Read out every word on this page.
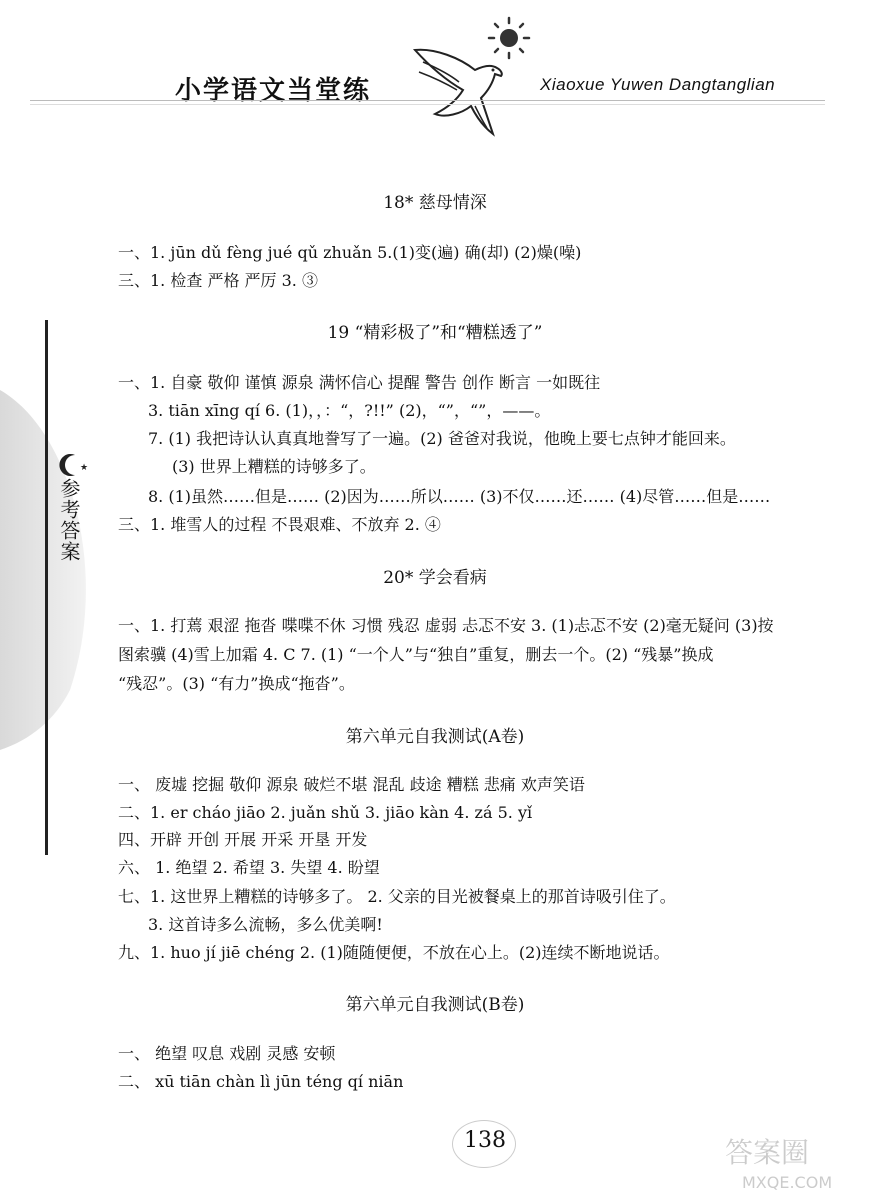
小学语文当堂练	Xiaoxue Yuwen Dangtanglian
★
参考答案
18* 慈母情深
一、1. jūn dǔ fèng jué qǔ zhuǎn 5.(1)变(遍) 确(却) (2)燥(噪)
三、1. 检查 严格 严厉 3. ③
19 “精彩极了”和“糟糕透了”
一、1. 自豪 敬仰 谨慎 源泉 满怀信心 提醒 警告 创作 断言 一如既往
3. tiān xīng qí 6. (1)，，：“，?!!” (2)，“”，“”，——。
7. (1) 我把诗认认真真地誊写了一遍。(2) 爸爸对我说，他晚上要七点钟才能回来。
(3) 世界上糟糕的诗够多了。
8. (1)虽然……但是…… (2)因为……所以…… (3)不仅……还…… (4)尽管……但是……
三、1. 堆雪人的过程 不畏艰难、不放弃 2. ④
20* 学会看病
一、1. 打蔫 艰涩 拖沓 喋喋不休 习惯 残忍 虚弱 忐忑不安 3. (1)忐忑不安 (2)毫无疑问 (3)按
图索骥 (4)雪上加霜 4. C 7. (1) “一个人”与“独自”重复，删去一个。(2) “残暴”换成
“残忍”。(3) “有力”换成“拖沓”。
第六单元自我测试(A卷)
一、 废墟 挖掘 敬仰 源泉 破烂不堪 混乱 歧途 糟糕 悲痛 欢声笑语
二、1. er cháo jiāo 2. juǎn shǔ 3. jiāo kàn 4. zá 5. yǐ
四、开辟 开创 开展 开采 开垦 开发
六、 1. 绝望 2. 希望 3. 失望 4. 盼望
七、1. 这世界上糟糕的诗够多了。 2. 父亲的目光被餐桌上的那首诗吸引住了。
3. 这首诗多么流畅，多么优美啊!
九、1. huo jí jiē chéng 2. (1)随随便便，不放在心上。(2)连续不断地说话。
第六单元自我测试(B卷)
一、 绝望 叹息 戏剧 灵感 安顿
二、 xū tiān chàn lì jūn téng qí niān
138	答案圈
MXQE.COM
